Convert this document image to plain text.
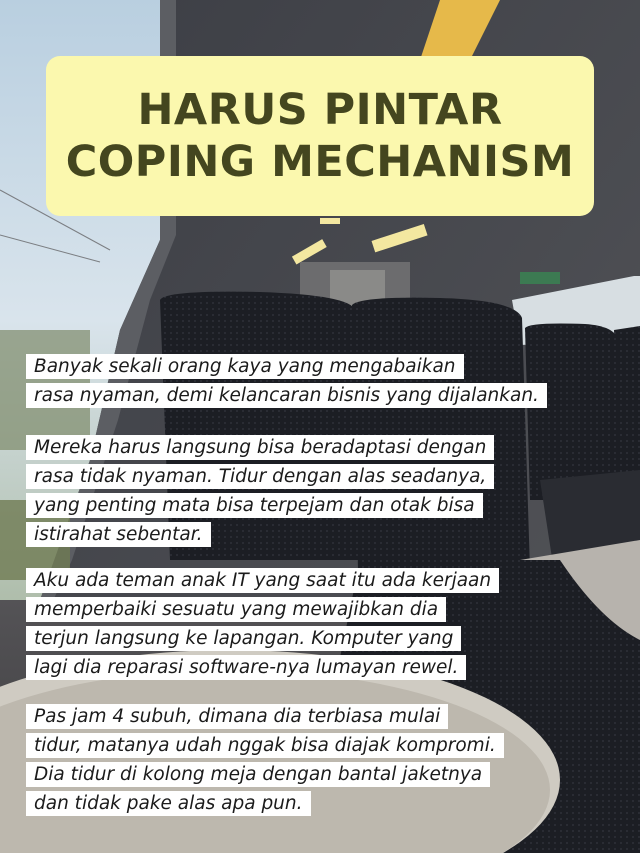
HARUS PINTAR
COPING MECHANISM
Banyak sekali orang kaya yang mengabaikan
rasa nyaman, demi kelancaran bisnis yang dijalankan.
Mereka harus langsung bisa beradaptasi dengan
rasa tidak nyaman. Tidur dengan alas seadanya,
yang penting mata bisa terpejam dan otak bisa
istirahat sebentar.
Aku ada teman anak IT yang saat itu ada kerjaan
memperbaiki sesuatu yang mewajibkan dia
terjun langsung ke lapangan. Komputer yang
lagi dia reparasi software-nya lumayan rewel.
Pas jam 4 subuh, dimana dia terbiasa mulai
tidur, matanya udah nggak bisa diajak kompromi.
Dia tidur di kolong meja dengan bantal jaketnya
dan tidak pake alas apa pun.
